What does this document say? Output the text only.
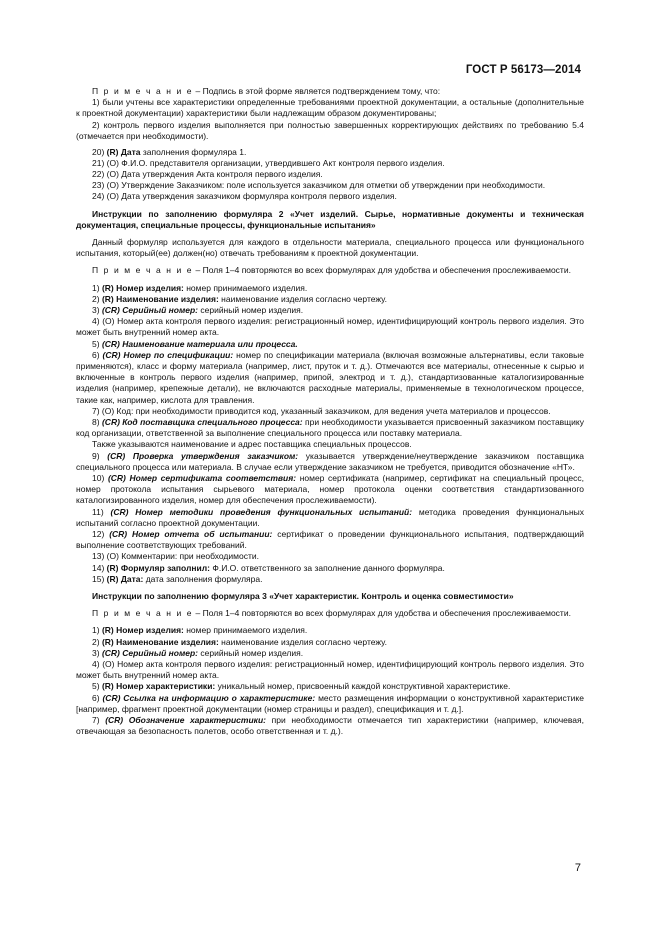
ГОСТ Р 56173—2014

П р и м е ч а н и е – Подпись в этой форме является подтверждением тому, что:

1) были учтены все характеристики определенные требованиями проектной документации, а остальные (дополнительные к проектной документации) характеристики были надлежащим образом документированы;

2) контроль первого изделия выполняется при полностью завершенных корректирующих действиях по требованию 5.4 (отмечается при необходимости).

20) (R) Дата заполнения формуляра 1.

21) (О) Ф.И.О. представителя организации, утвердившего Акт контроля первого изделия.

22) (О) Дата утверждения Акта контроля первого изделия.

23) (О) Утверждение Заказчиком: поле используется заказчиком для отметки об утверждении при необходимости.

24) (О) Дата утверждения заказчиком формуляра контроля первого изделия.

Инструкции по заполнению формуляра 2 «Учет изделий. Сырье, нормативные документы и техническая документация, специальные процессы, функциональные испытания»

Данный формуляр используется для каждого в отдельности материала, специального процесса или функционального испытания, который(ее) должен(но) отвечать требованиям к проектной документации.

П р и м е ч а н и е – Поля 1–4 повторяются во всех формулярах для удобства и обеспечения прослеживаемости.

1) (R) Номер изделия: номер принимаемого изделия.

2) (R) Наименование изделия: наименование изделия согласно чертежу.

3) (CR) Серийный номер: серийный номер изделия.

4) (О) Номер акта контроля первого изделия: регистрационный номер, идентифицирующий контроль первого изделия. Это может быть внутренний номер акта.

5) (CR) Наименование материала или процесса.

6) (CR) Номер по спецификации: номер по спецификации материала (включая возможные альтернативы, если таковые применяются), класс и форму материала (например, лист, пруток и т. д.). Отмечаются все материалы, отнесенные к сырью и включенные в контроль первого изделия (например, припой, электрод и т. д.), стандартизованные каталогизированные изделия (например, крепежные детали), не включаются расходные материалы, применяемые в технологическом процессе, такие как, например, кислота для травления.

7) (О) Код: при необходимости приводится код, указанный заказчиком, для ведения учета материалов и процессов.

8) (CR) Код поставщика специального процесса: при необходимости указывается присвоенный заказчиком поставщику код организации, ответственной за выполнение специального процесса или поставку материала.

Также указываются наименование и адрес поставщика специальных процессов.

9) (CR) Проверка утверждения заказчиком: указывается утверждение/неутверждение заказчиком поставщика специального процесса или материала. В случае если утверждение заказчиком не требуется, приводится обозначение «НТ».

10) (CR) Номер сертификата соответствия: номер сертификата (например, сертификат на специальный процесс, номер протокола испытания сырьевого материала, номер протокола оценки соответствия стандартизованного каталогизированного изделия, номер для обеспечения прослеживаемости).

11) (CR) Номер методики проведения функциональных испытаний: методика проведения функциональных испытаний согласно проектной документации.

12) (CR) Номер отчета об испытании: сертификат о проведении функционального испытания, подтверждающий выполнение соответствующих требований.

13) (О) Комментарии: при необходимости.

14) (R) Формуляр заполнил: Ф.И.О. ответственного за заполнение данного формуляра.

15) (R) Дата: дата заполнения формуляра.

Инструкции по заполнению формуляра 3 «Учет характеристик. Контроль и оценка совместимости»

П р и м е ч а н и е – Поля 1–4 повторяются во всех формулярах для удобства и обеспечения прослеживаемости.

1) (R) Номер изделия: номер принимаемого изделия.

2) (R) Наименование изделия: наименование изделия согласно чертежу.

3) (CR) Серийный номер: серийный номер изделия.

4) (О) Номер акта контроля первого изделия: регистрационный номер, идентифицирующий контроль первого изделия. Это может быть внутренний номер акта.

5) (R) Номер характеристики: уникальный номер, присвоенный каждой конструктивной характеристике.

6) (CR) Ссылка на информацию о характеристике: место размещения информации о конструктивной характеристике [например, фрагмент проектной документации (номер страницы и раздел), спецификация и т. д.].

7) (CR) Обозначение характеристики: при необходимости отмечается тип характеристики (например, ключевая, отвечающая за безопасность полетов, особо ответственная и т. д.).

7
